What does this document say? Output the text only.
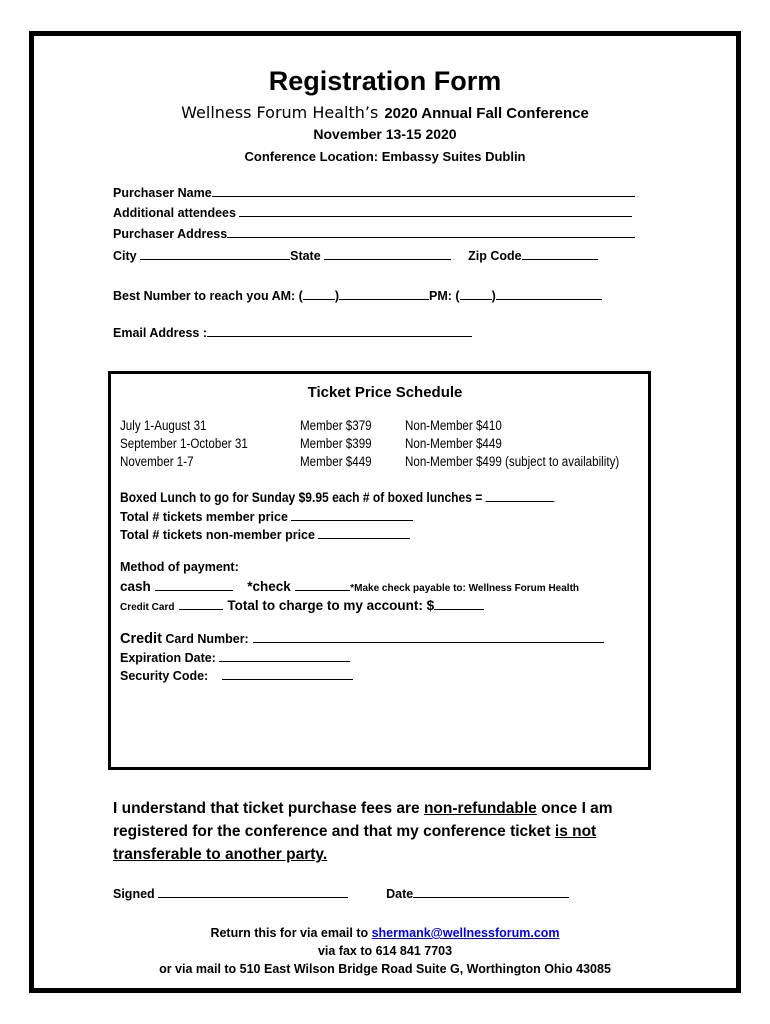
Registration Form
Wellness Forum Health’s 2020 Annual Fall Conference
November 13-15 2020
Conference Location: Embassy Suites Dublin
Purchaser Name
Additional attendees
Purchaser Address
City	State	Zip Code
Best Number to reach you AM: (	)	PM: (	)
Email Address :
Ticket Price Schedule
July 1-August 31	Member $379 Non-Member $410
September 1-October 31	Member $399 Non-Member $449
November 1-7	Member $449 Non-Member $499 (subject to availability)
Boxed Lunch to go for Sunday $9.95 each # of boxed lunches =
Total # tickets member price
Total # tickets non-member price
Method of payment:
cash	*check	*Make check payable to: Wellness Forum Health
Credit Card	Total to charge to my account: $
Credit Card Number:
Expiration Date:
Security Code:
I understand that ticket purchase fees are non-refundable once I am registered for the conference and that my conference ticket is not transferable to another party.
Signed	Date
Return this for via email to shermank@wellnessforum.com
via fax to 614 841 7703
or via mail to 510 East Wilson Bridge Road Suite G, Worthington Ohio 43085
